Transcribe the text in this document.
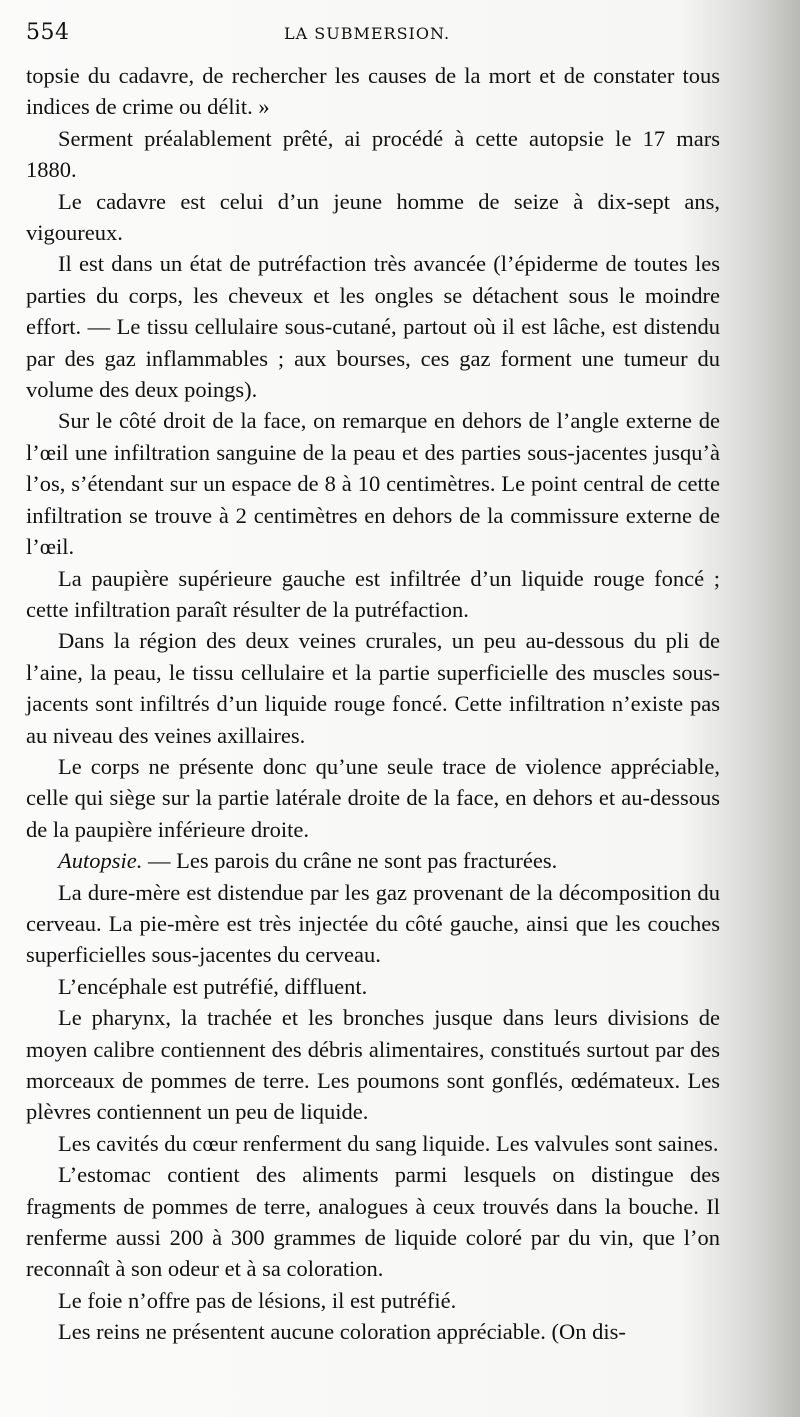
554	LA SUBMERSION.

topsie du cadavre, de rechercher les causes de la mort et de constater tous indices de crime ou délit. »

Serment préalablement prêté, ai procédé à cette autopsie le 17 mars 1880.

Le cadavre est celui d’un jeune homme de seize à dix-sept ans, vigoureux.

Il est dans un état de putréfaction très avancée (l’épiderme de toutes les parties du corps, les cheveux et les ongles se détachent sous le moindre effort. — Le tissu cellulaire sous-cutané, partout où il est lâche, est distendu par des gaz inflammables ; aux bourses, ces gaz forment une tumeur du volume des deux poings).

Sur le côté droit de la face, on remarque en dehors de l’angle externe de l’œil une infiltration sanguine de la peau et des parties sous-jacentes jusqu’à l’os, s’étendant sur un espace de 8 à 10 centimètres. Le point central de cette infiltration se trouve à 2 centimètres en dehors de la commissure externe de l’œil.

La paupière supérieure gauche est infiltrée d’un liquide rouge foncé ; cette infiltration paraît résulter de la putréfaction.

Dans la région des deux veines crurales, un peu au-dessous du pli de l’aine, la peau, le tissu cellulaire et la partie superficielle des muscles sous-jacents sont infiltrés d’un liquide rouge foncé. Cette infiltration n’existe pas au niveau des veines axillaires.

Le corps ne présente donc qu’une seule trace de violence appréciable, celle qui siège sur la partie latérale droite de la face, en dehors et au-dessous de la paupière inférieure droite.

Autopsie. — Les parois du crâne ne sont pas fracturées.

La dure-mère est distendue par les gaz provenant de la décomposition du cerveau. La pie-mère est très injectée du côté gauche, ainsi que les couches superficielles sous-jacentes du cerveau.

L’encéphale est putréfié, diffluent.

Le pharynx, la trachée et les bronches jusque dans leurs divisions de moyen calibre contiennent des débris alimentaires, constitués surtout par des morceaux de pommes de terre. Les poumons sont gonflés, œdémateux. Les plèvres contiennent un peu de liquide.

Les cavités du cœur renferment du sang liquide. Les valvules sont saines.

L’estomac contient des aliments parmi lesquels on distingue des fragments de pommes de terre, analogues à ceux trouvés dans la bouche. Il renferme aussi 200 à 300 grammes de liquide coloré par du vin, que l’on reconnaît à son odeur et à sa coloration.

Le foie n’offre pas de lésions, il est putréfié.

Les reins ne présentent aucune coloration appréciable. (On dis-
